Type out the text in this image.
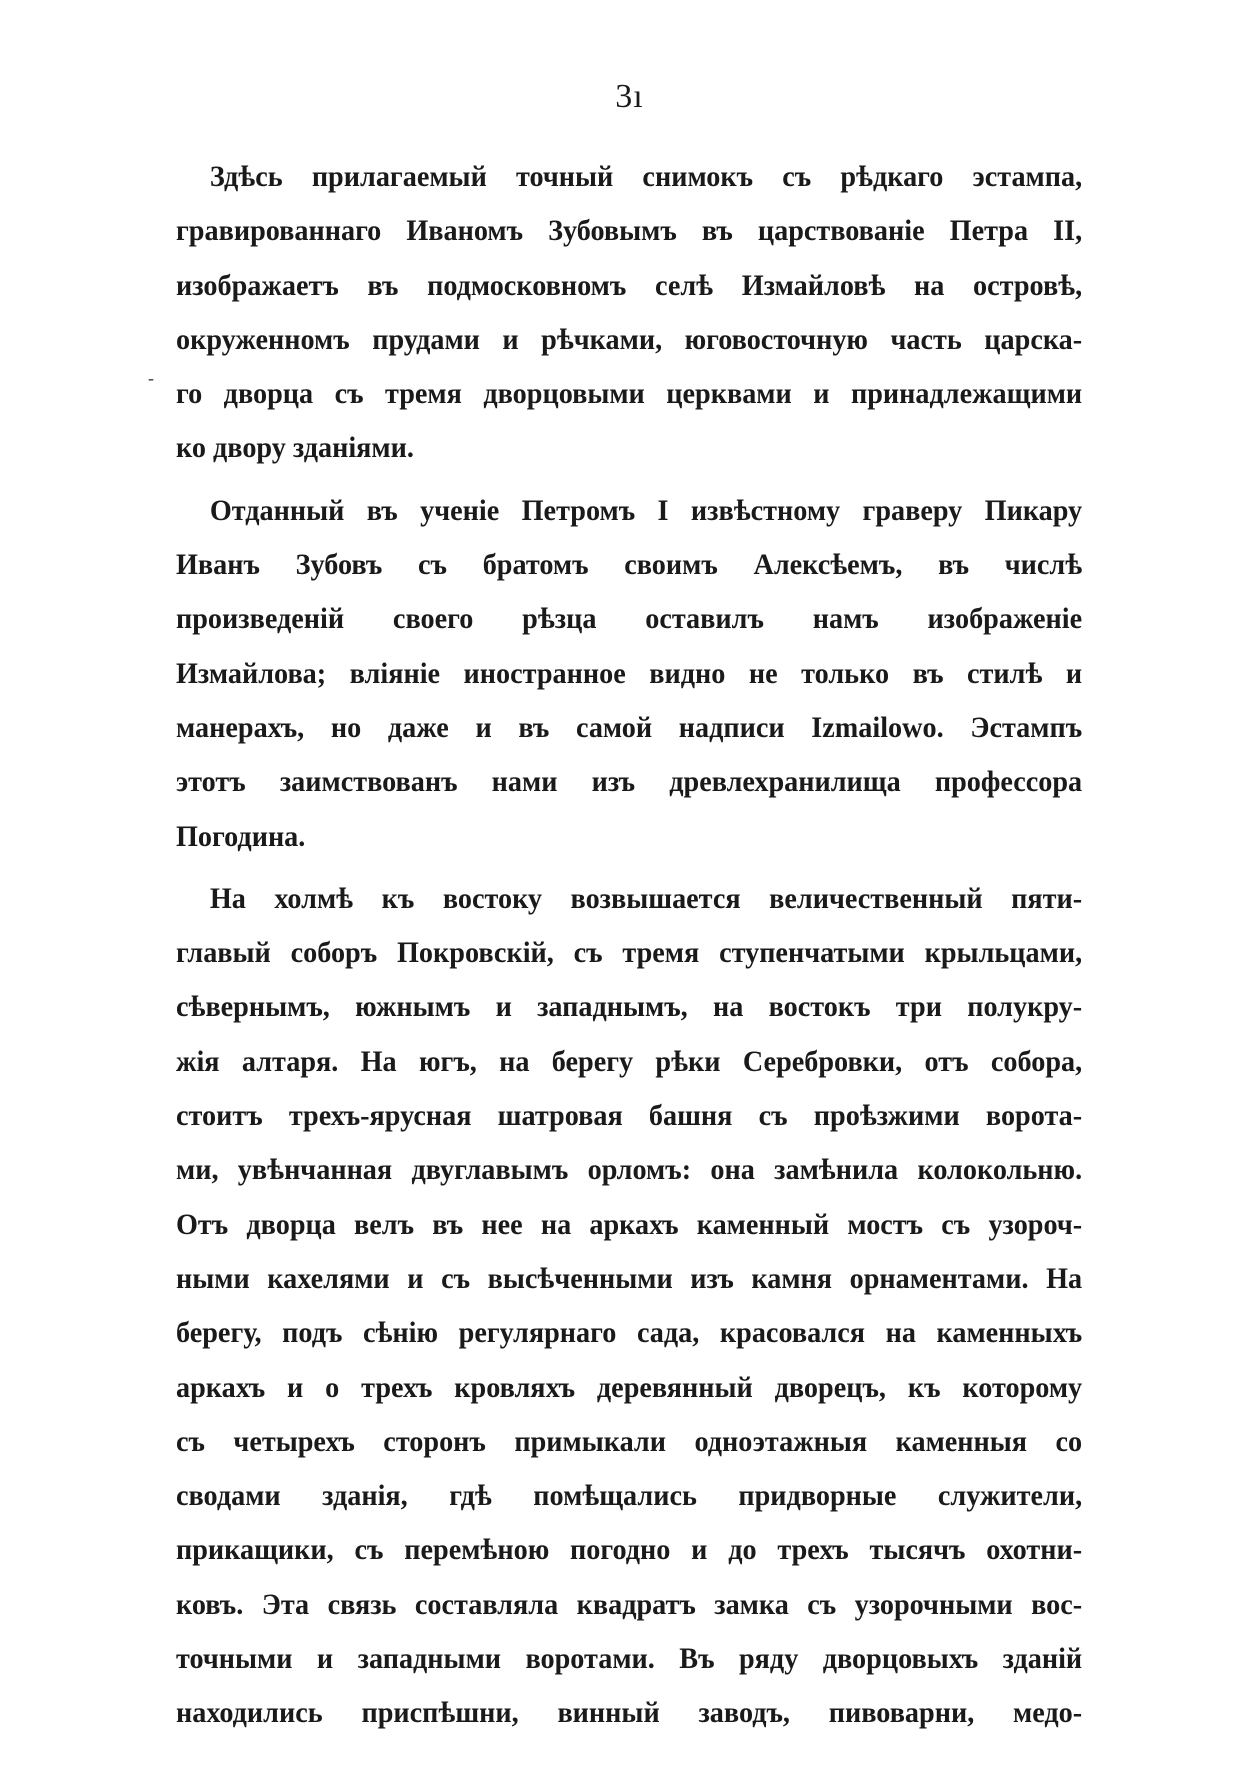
3ı
‐
Здѣсь прилагаемый точный снимокъ съ рѣдкаго эстампа,
гравированнаго Иваномъ Зубовымъ въ царствованіе Петра II,
изображаетъ въ подмосковномъ селѣ Измайловѣ на островѣ,
окруженномъ прудами и рѣчками, юговосточную часть царска-
го дворца съ тремя дворцовыми церквами и принадлежащими
ко двору зданіями.
Отданный въ ученіе Петромъ I извѣстному граверу Пикару
Иванъ Зубовъ съ братомъ своимъ Алексѣемъ, въ числѣ
произведеній своего рѣзца оставилъ намъ изображеніе
Измайлова; вліяніе иностранное видно не только въ стилѣ и
манерахъ, но даже и въ самой надписи Izmailowo. Эстампъ
этотъ заимствованъ нами изъ древлехранилища профессора
Погодина.
На холмѣ къ востоку возвышается величественный пяти-
главый соборъ Покровскій, съ тремя ступенчатыми крыльцами,
сѣвернымъ, южнымъ и западнымъ, на востокъ три полукру-
жія алтаря. На югъ, на берегу рѣки Серебровки, отъ собора,
стоитъ трехъ-ярусная шатровая башня съ проѣзжими ворота-
ми, увѣнчанная двуглавымъ орломъ: она замѣнила колокольню.
Отъ дворца велъ въ нее на аркахъ каменный мостъ съ узороч-
ными кахелями и съ высѣченными изъ камня орнаментами. На
берегу, подъ сѣнію регулярнаго сада, красовался на каменныхъ
аркахъ и о трехъ кровляхъ деревянный дворецъ, къ которому
съ четырехъ сторонъ примыкали одноэтажныя каменныя со
сводами зданія, гдѣ помѣщались придворные служители,
прикащики, съ перемѣною погодно и до трехъ тысячъ охотни-
ковъ. Эта связь составляла квадратъ замка съ узорочными вос-
точными и западными воротами. Въ ряду дворцовыхъ зданій
находились приспѣшни, винный заводъ, пивоварни, медо-
